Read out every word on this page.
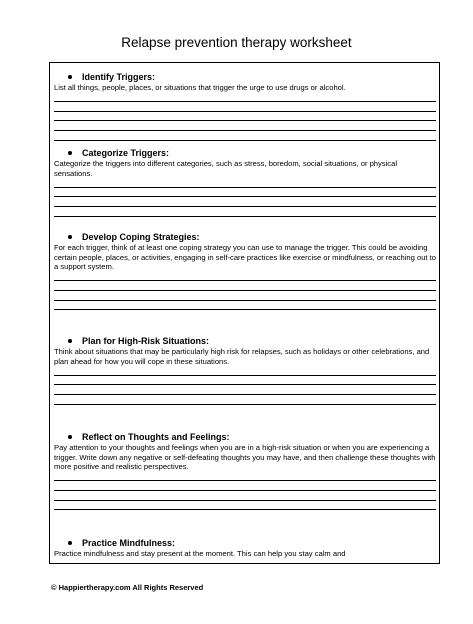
Relapse prevention therapy worksheet
Identify Triggers:
List all things, people, places, or situations that trigger the urge to use drugs or alcohol.
Categorize Triggers:
Categorize the triggers into different categories, such as stress, boredom, social situations, or physical sensations.
Develop Coping Strategies:
For each trigger, think of at least one coping strategy you can use to manage the trigger. This could be avoiding certain people, places, or activities, engaging in self-care practices like exercise or mindfulness, or reaching out to a support system.
Plan for High-Risk Situations:
Think about situations that may be particularly high risk for relapses, such as holidays or other celebrations, and plan ahead for how you will cope in these situations.
Reflect on Thoughts and Feelings:
Pay attention to your thoughts and feelings when you are in a high-risk situation or when you are experiencing a trigger. Write down any negative or self-defeating thoughts you may have, and then challenge these thoughts with more positive and realistic perspectives.
Practice Mindfulness:
Practice mindfulness and stay present at the moment. This can help you stay calm and
© Happiertherapy.com All Rights Reserved
